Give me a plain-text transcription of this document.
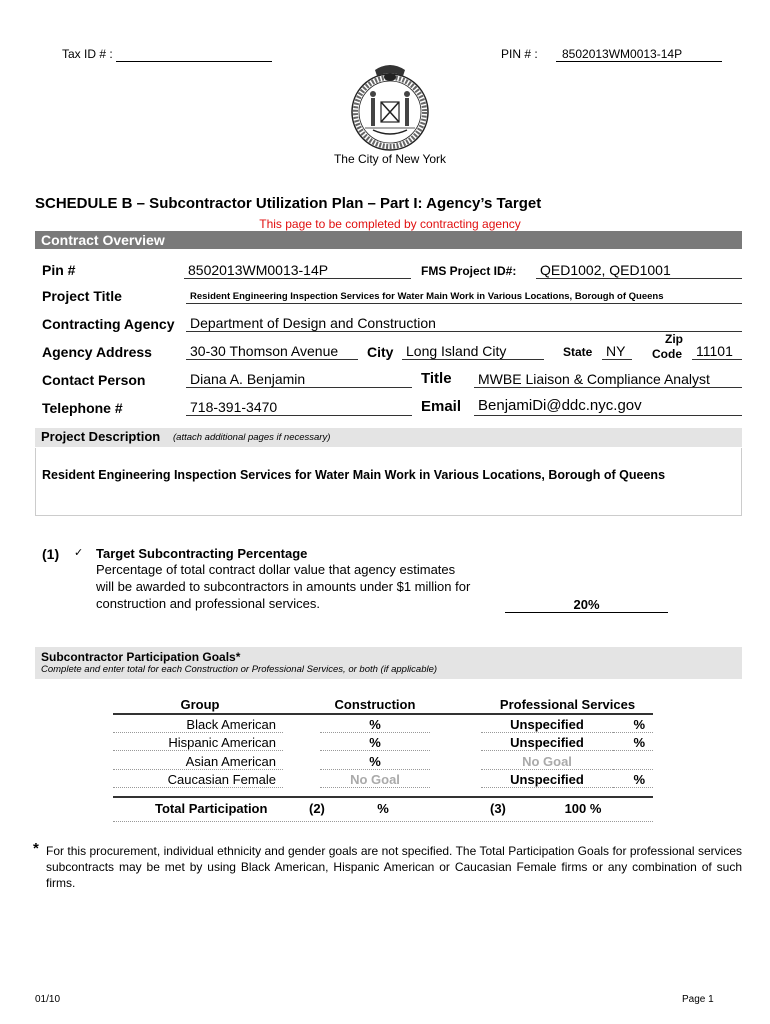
Tax ID # :	PIN # :	8502013WM0013-14P
The City of New York
SCHEDULE B – Subcontractor Utilization Plan – Part I: Agency’s Target
This page to be completed by contracting agency
Contract Overview
Pin #	8502013WM0013-14P	FMS Project ID#: QED1002, QED1001
Project Title	Resident Engineering Inspection Services for Water Main Work in Various Locations, Borough of Queens
Contracting Agency Department of Design and Construction
Agency Address	30-30 Thomson Avenue	City Long Island City	State NY
Zip
Code 11101
Contact Person	Diana A. Benjamin	Title MWBE Liaison & Compliance Analyst
Telephone #	718-391-3470	Email BenjamiDi@ddc.nyc.gov
Project Description (attach additional pages if necessary)
Resident Engineering Inspection Services for Water Main Work in Various Locations, Borough of Queens
(1) ✓ Target Subcontracting Percentage
Percentage of total contract dollar value that agency estimates
will be awarded to subcontractors in amounts under $1 million for
construction and professional services.	20%
Subcontractor Participation Goals*
Complete and enter total for each Construction or Professional Services, or both (if applicable)
Group	Construction	Professional Services
Black American	%	Unspecified	%
Hispanic American	%	Unspecified	%
Asian American	%	No Goal
Caucasian Female	No Goal	Unspecified	%
Total Participation	(2)	%	(3)	100 %
* For this procurement, individual ethnicity and gender goals are not specified. The Total Participation Goals for professional services subcontracts may be met by using Black American, Hispanic American or Caucasian Female firms or any combination of such firms.
01/10	Page 1
